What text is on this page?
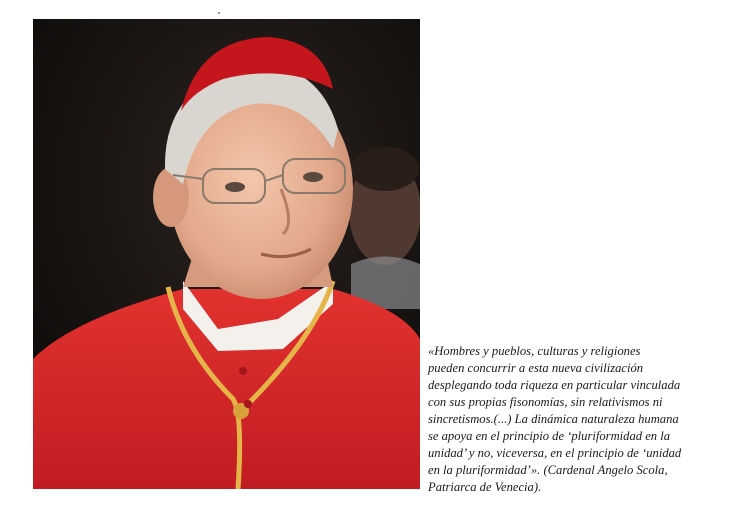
«Hombres y pueblos, culturas y religiones
pueden concurrir a esta nueva civilización
desplegando toda riqueza en particular vinculada
con sus propias fisonomías, sin relativismos ni
sincretismos.(...) La dinámica naturaleza humana
se apoya en el principio de ‘pluriformidad en la
unidad’ y no, viceversa, en el principio de ‘unidad
en la pluriformidad’». (Cardenal Angelo Scola,
Patriarca de Venecia).
